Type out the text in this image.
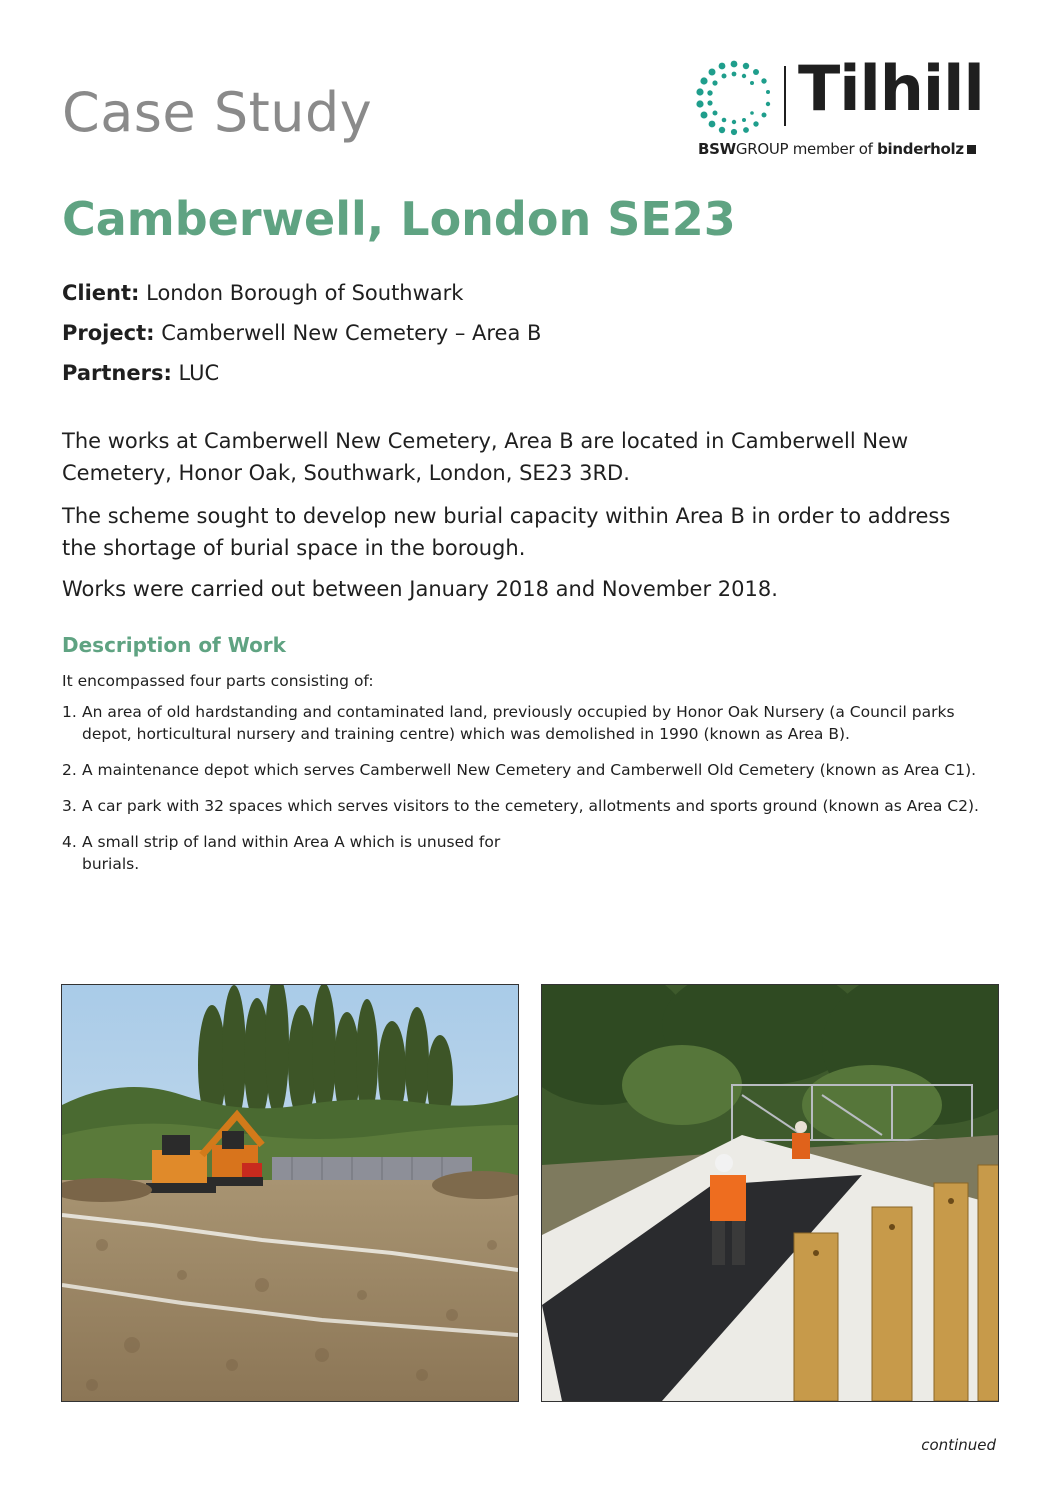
Case Study	Tilhill
BSWGROUP member of binderholz
Camberwell, London SE23
Client: London Borough of Southwark
Project: Camberwell New Cemetery – Area B
Partners: LUC

The works at Camberwell New Cemetery, Area B are located in Camberwell New Cemetery, Honor Oak, Southwark, London, SE23 3RD.

The scheme sought to develop new burial capacity within Area B in order to address the shortage of burial space in the borough.

Works were carried out between January 2018 and November 2018.

Description of Work
It encompassed four parts consisting of:
1. An area of old hardstanding and contaminated land, previously occupied by Honor Oak Nursery (a Council parks depot, horticultural nursery and training centre) which was demolished in 1990 (known as Area B).
2. A maintenance depot which serves Camberwell New Cemetery and Camberwell Old Cemetery (known as Area C1).
3. A car park with 32 spaces which serves visitors to the cemetery, allotments and sports ground (known as Area C2).
4. A small strip of land within Area A which is unused for burials.
continued
